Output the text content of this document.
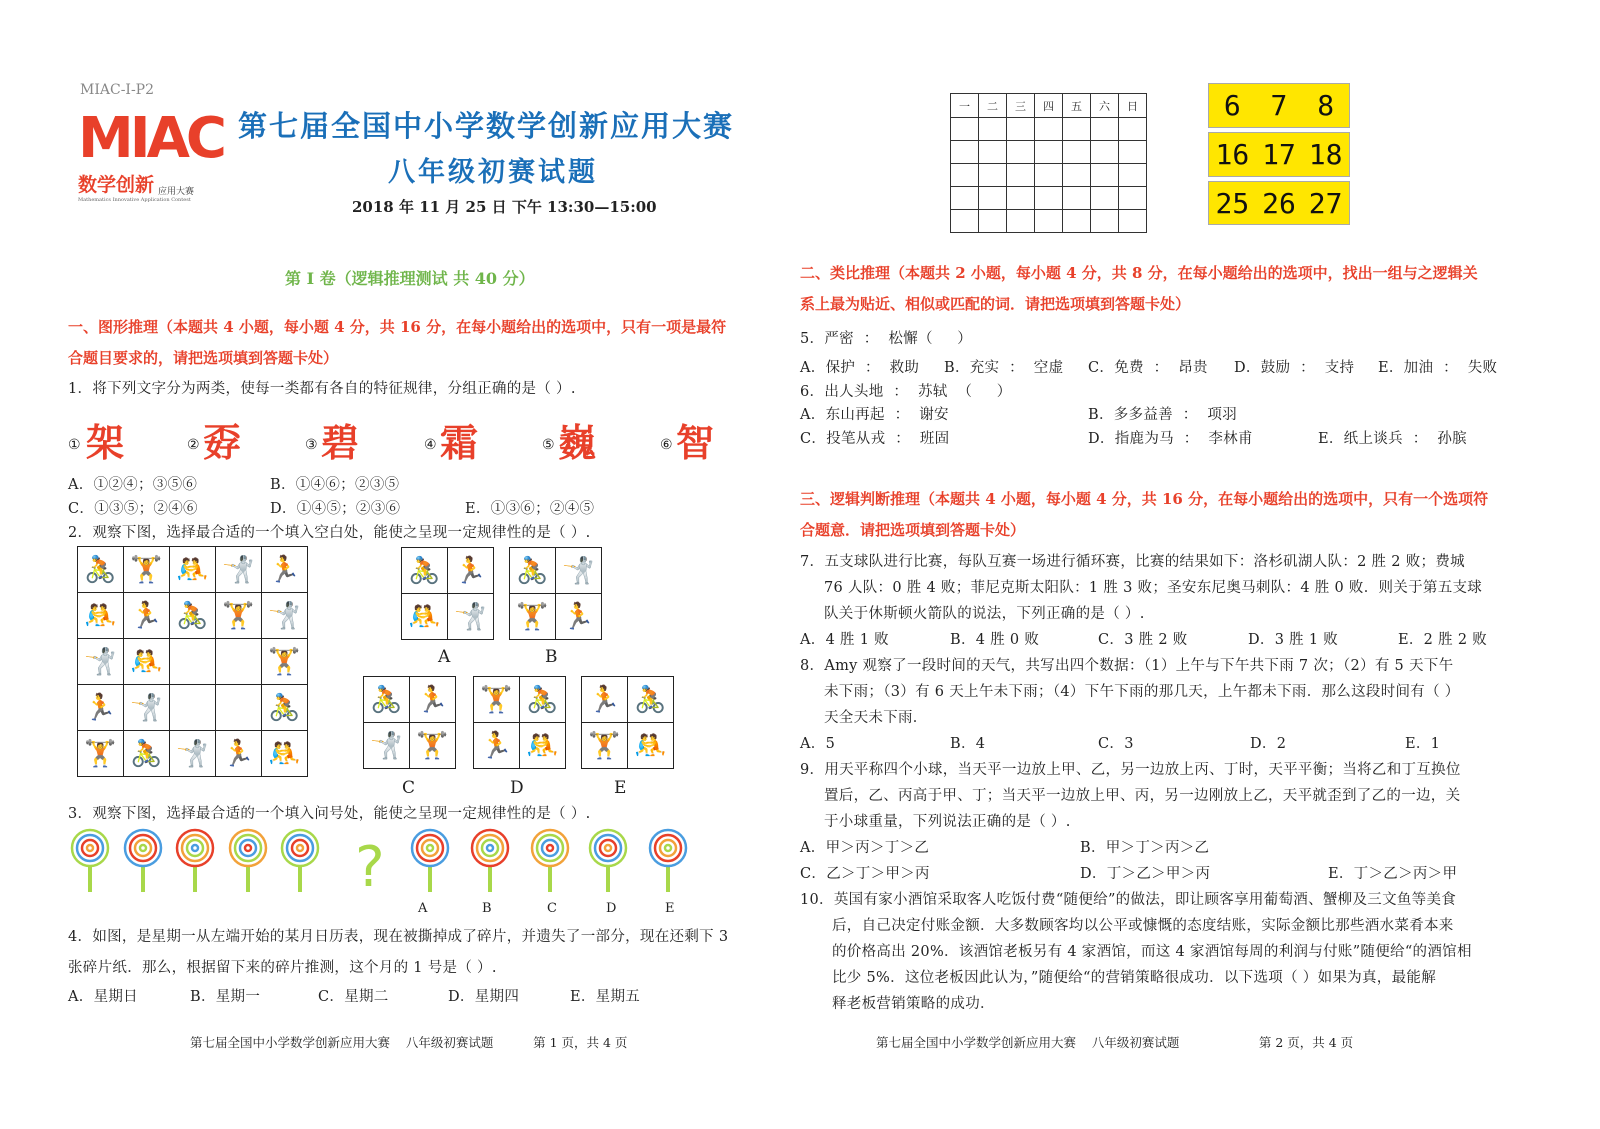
MIAC-I-P2
MIAC
数学创新 应用大赛
Mathematics Innovative Application Contest
第七届全国中小学数学创新应用大赛
八年级初赛试题
2018 年 11 月 25 日 下午 13:30—15:00
一	二	三	四	五	六	日

							6 7 8
16 17 18
25 26 27
第 I 卷（逻辑推理测试 共 40 分）
一、图形推理（本题共 4 小题，每小题 4 分，共 16 分，在每小题给出的选项中，只有一项是最符
合题目要求的，请把选项填到答题卡处）
1．将下列文字分为两类，使每一类都有各自的特征规律，分组正确的是（ ）.
① 架	② 孬	③ 碧	④ 霜	⑤ 巍	⑥ 智
A．①②④；③⑤⑥	B．①④⑥；②③⑤
C．①③⑤；②④⑥	D．①④⑤；②③⑥	E．①③⑥；②④⑤
2．观察下图，选择最合适的一个填入空白处，能使之呈现一定规律性的是（ ）.
🚴	🏋	🤼	🤺	🏃
🤼	🏃	🚴	🏋	🤺
🤺	🤼			🏋
🏃	🤺			🚴
🏋	🚴	🤺	🏃	🤼
🚴	🏃
🤼	🤺
A
🚴	🤺
🏋	🏃
B
🚴	🏃
🤺	🏋
C
🏋	🚴
🏃	🤼
D
🏃	🚴
🏋	🤼
E
3．观察下图，选择最合适的一个填入问号处，能使之呈现一定规律性的是（ ）.
?
A	B	C	D	E
4．如图，是星期一从左端开始的某月日历表，现在被撕掉成了碎片，并遗失了一部分，现在还剩下 3
张碎片纸．那么，根据留下来的碎片推测，这个月的 1 号是（ ）.
A．星期日	B．星期一	C．星期二	D．星期四	E．星期五
第七届全国中小学数学创新应用大赛    八年级初赛试题          第 1 页，共 4 页
二、类比推理（本题共 2 小题，每小题 4 分，共 8 分，在每小题给出的选项中，找出一组与之逻辑关
系上最为贴近、相似或匹配的词．请把选项填到答题卡处）
5．严密  ：  松懈（     ）
A．保护  ：  救助 B．充实  ：  空虚 C．免费  ：  昂贵 D．鼓励  ：  支持 E．加油  ：  失败
6．出人头地  ：  苏轼  （     ）
A．东山再起  ：  谢安	B．多多益善  ：  项羽
C．投笔从戎  ：  班固	D．指鹿为马  ：  李林甫	E．纸上谈兵  ：  孙膑
三、逻辑判断推理（本题共 4 小题，每小题 4 分，共 16 分，在每小题给出的选项中，只有一个选项符
合题意．请把选项填到答题卡处）
7．五支球队进行比赛，每队互赛一场进行循环赛，比赛的结果如下：洛杉矶湖人队：2 胜 2 败；费城
76 人队：0 胜 4 败；菲尼克斯太阳队：1 胜 3 败；圣安东尼奥马刺队：4 胜 0 败．则关于第五支球
队关于休斯顿火箭队的说法，下列正确的是（ ）.
A．4 胜 1 败	B．4 胜 0 败	C．3 胜 2 败	D．3 胜 1 败	E．2 胜 2 败
8．Amy 观察了一段时间的天气，共写出四个数据：（1）上午与下午共下雨 7 次；（2）有 5 天下午
未下雨；（3）有 6 天上午未下雨；（4）下午下雨的那几天，上午都未下雨．那么这段时间有（ ）
天全天未下雨．
A．5	B．4	C．3	D．2	E．1
9．用天平称四个小球，当天平一边放上甲、乙，另一边放上丙、丁时，天平平衡；当将乙和丁互换位
置后，乙、丙高于甲、丁；当天平一边放上甲、丙，另一边刚放上乙，天平就歪到了乙的一边，关
于小球重量，下列说法正确的是（ ）.
A．甲＞丙＞丁＞乙	B．甲＞丁＞丙＞乙
C．乙＞丁＞甲＞丙	D．丁＞乙＞甲＞丙	E．丁＞乙＞丙＞甲
10．英国有家小酒馆采取客人吃饭付费“随便给”的做法，即让顾客享用葡萄酒、蟹柳及三文鱼等美食
后，自己决定付账金额．大多数顾客均以公平或慷慨的态度结账，实际金额比那些酒水菜肴本来
的价格高出 20%．该酒馆老板另有 4 家酒馆，而这 4 家酒馆每周的利润与付账”随便给“的酒馆相
比少 5%．这位老板因此认为，”随便给“的营销策略很成功．以下选项（ ）如果为真，最能解
释老板营销策略的成功．
第七届全国中小学数学创新应用大赛    八年级初赛试题                    第 2 页，共 4 页
